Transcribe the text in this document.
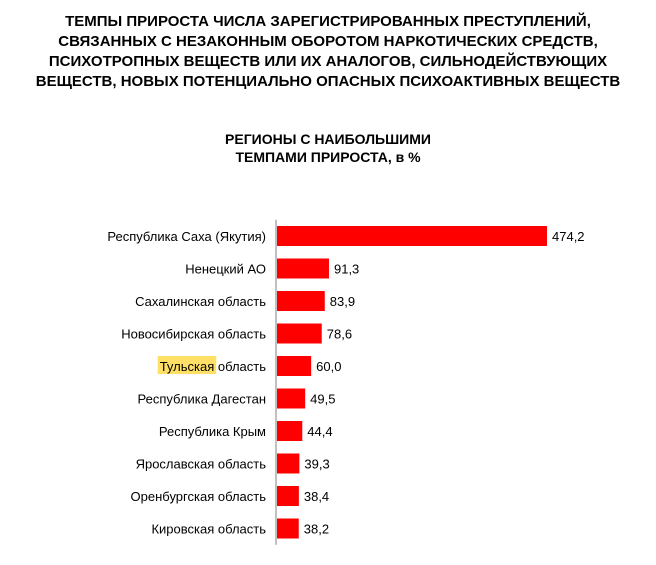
ТЕМПЫ ПРИРОСТА ЧИСЛА ЗАРЕГИСТРИРОВАННЫХ ПРЕСТУПЛЕНИЙ,
СВЯЗАННЫХ С НЕЗАКОННЫМ ОБОРОТОМ НАРКОТИЧЕСКИХ СРЕДСТВ,
ПСИХОТРОПНЫХ ВЕЩЕСТВ ИЛИ ИХ АНАЛОГОВ, СИЛЬНОДЕЙСТВУЮЩИХ
ВЕЩЕСТВ, НОВЫХ ПОТЕНЦИАЛЬНО ОПАСНЫХ ПСИХОАКТИВНЫХ ВЕЩЕСТВ
РЕГИОНЫ С НАИБОЛЬШИМИ
ТЕМПАМИ ПРИРОСТА, в %
474,2
Республика Саха (Якутия)
91,3
Ненецкий АО
83,9
Сахалинская область
78,6
Новосибирская область
60,0
Тульская область
49,5
Республика Дагестан
44,4
Республика Крым
39,3
Ярославская область
38,4
Оренбургская область
38,2
Кировская область
